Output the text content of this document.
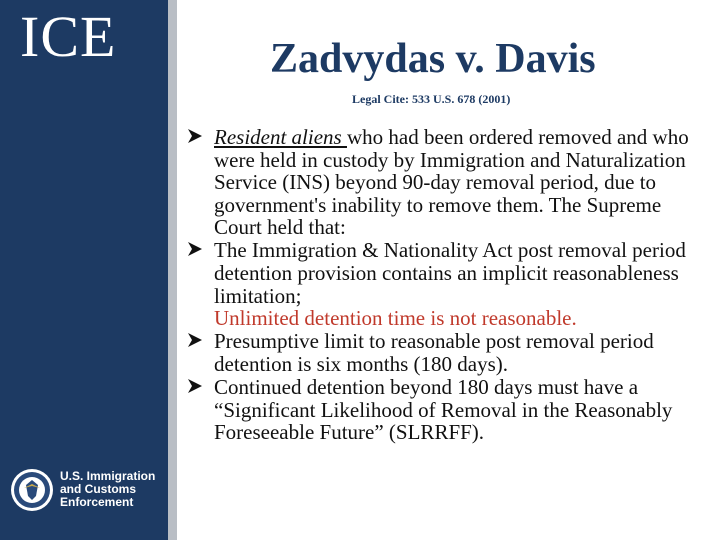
ICE
U.S. Immigration
and Customs
Enforcement
Zadvydas v. Davis
Legal Cite: 533 U.S. 678 (2001)
Resident aliens who had been ordered removed and who were held in custody by Immigration and Naturalization Service (INS) beyond 90-day removal period, due to government's inability to remove them. The Supreme Court held that:
The Immigration & Nationality Act post removal period detention provision contains an implicit reasonableness limitation;
Unlimited detention time is not reasonable.
Presumptive limit to reasonable post removal period detention is six months (180 days).
Continued detention beyond 180 days must have a “Significant Likelihood of Removal in the Reasonably Foreseeable Future” (SLRRFF).
